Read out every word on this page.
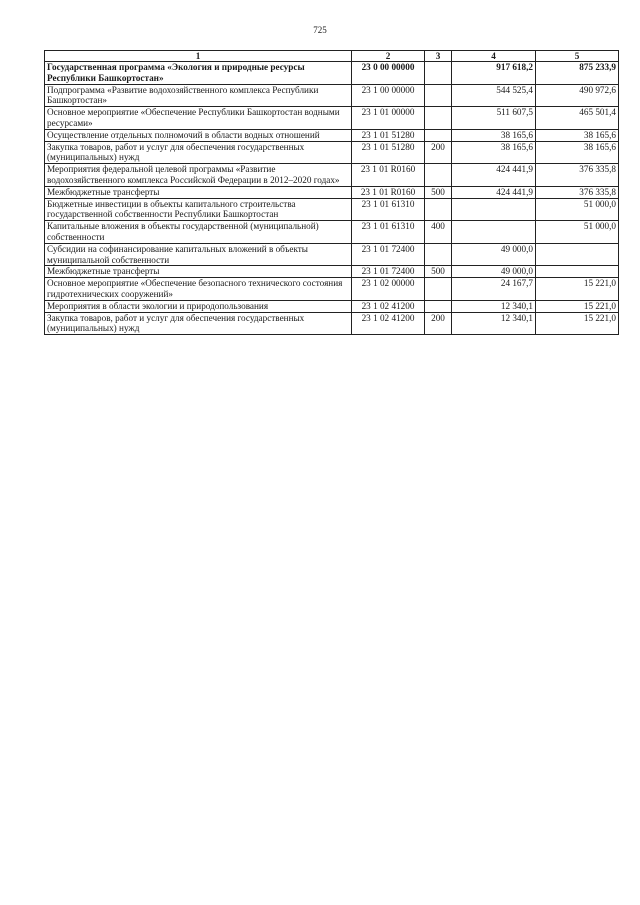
725
1	2	3	4	5
Государственная программа «Экология и природные ресурсы Республики Башкортостан»	23 0 00 00000		917 618,2	875 233,9
Подпрограмма «Развитие водохозяйственного комплекса Республики Башкортостан»	23 1 00 00000		544 525,4	490 972,6
Основное мероприятие «Обеспечение Республики Башкортостан водными ресурсами»	23 1 01 00000		511 607,5	465 501,4
Осуществление отдельных полномочий в области водных отношений	23 1 01 51280		38 165,6	38 165,6
Закупка товаров, работ и услуг для обеспечения государственных (муниципальных) нужд	23 1 01 51280	200	38 165,6	38 165,6
Мероприятия федеральной целевой программы «Развитие водохозяйственного комплекса Российской Федерации в 2012–2020 годах»	23 1 01 R0160		424 441,9	376 335,8
Межбюджетные трансферты	23 1 01 R0160	500	424 441,9	376 335,8
Бюджетные инвестиции в объекты капитального строительства государственной собственности Республики Башкортостан	23 1 01 61310			51 000,0
Капитальные вложения в объекты государственной (муниципальной) собственности	23 1 01 61310	400		51 000,0
Субсидии на софинансирование капитальных вложений в объекты муниципальной собственности	23 1 01 72400		49 000,0	
Межбюджетные трансферты	23 1 01 72400	500	49 000,0	
Основное мероприятие «Обеспечение безопасного технического состояния гидротехнических сооружений»	23 1 02 00000		24 167,7	15 221,0
Мероприятия в области экологии и природопользования	23 1 02 41200		12 340,1	15 221,0
Закупка товаров, работ и услуг для обеспечения государственных (муниципальных) нужд	23 1 02 41200	200	12 340,1	15 221,0
